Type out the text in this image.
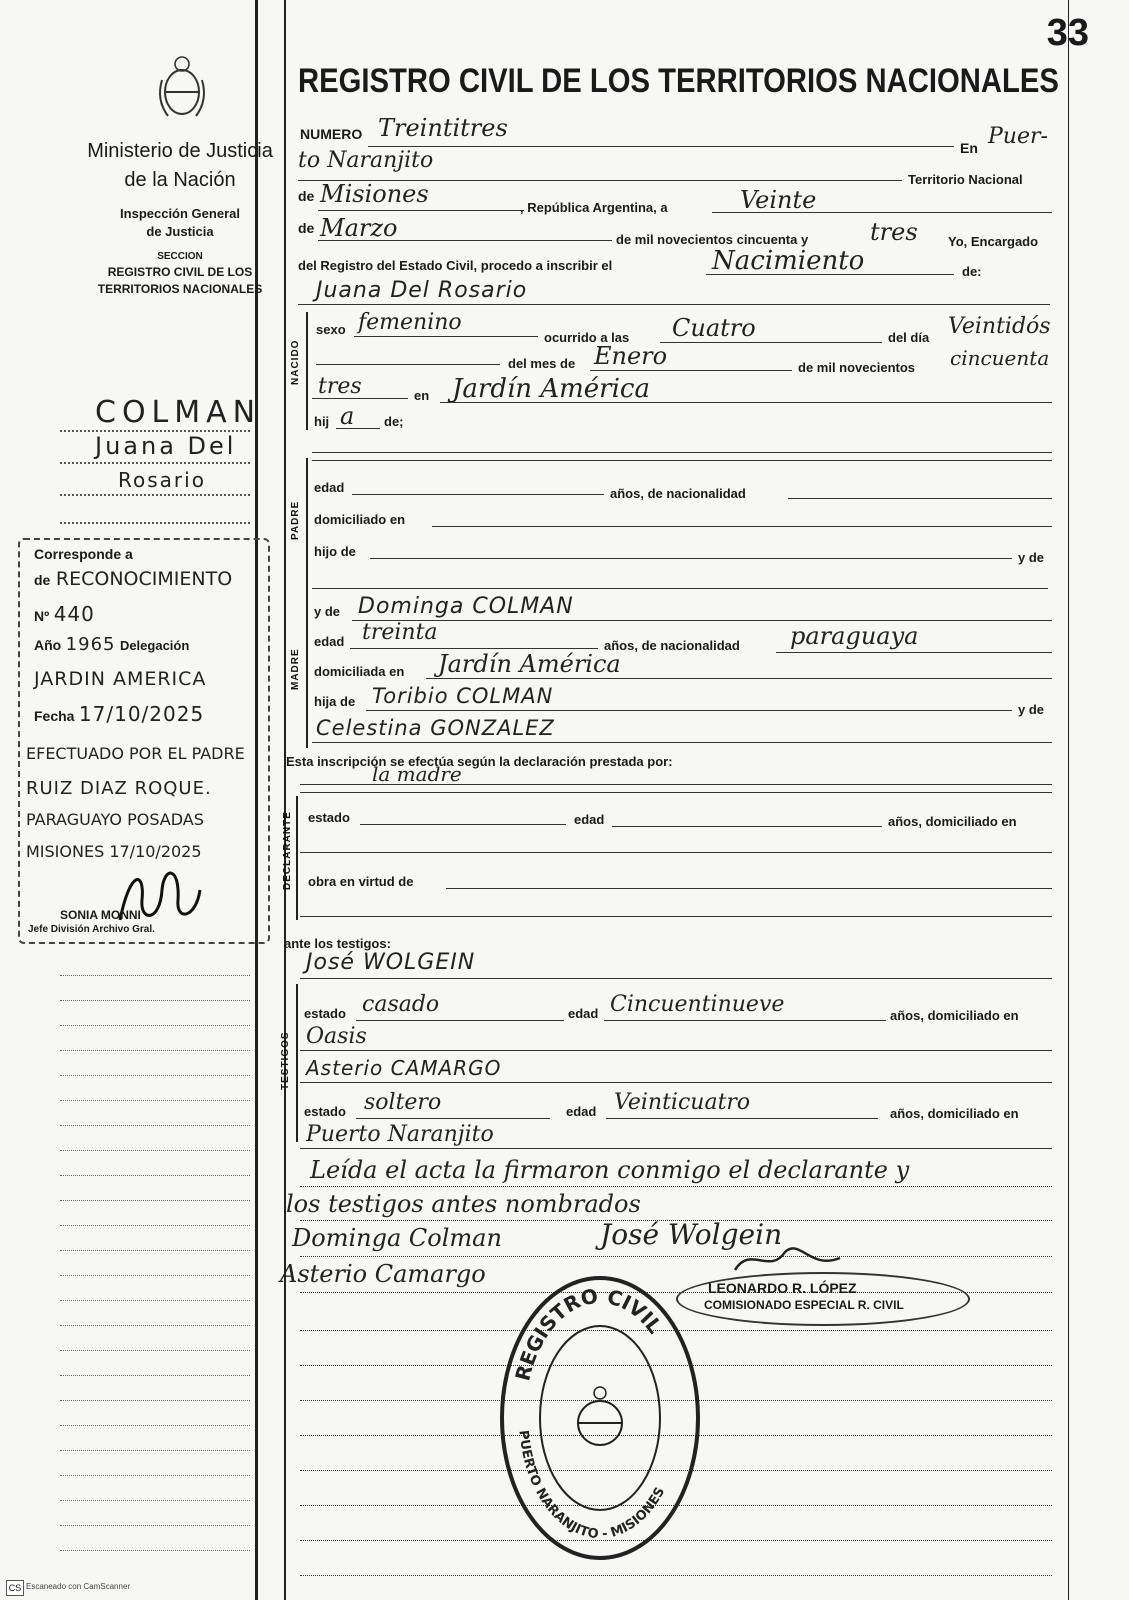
33
Ministerio de Justicia
de la Nación
Inspección General
de Justicia
SECCION
REGISTRO CIVIL DE LOS
TERRITORIOS NACIONALES
COLMAN
Juana Del
Rosario
Corresponde a
de RECONOCIMIENTO
Nº 440
Año 1965 Delegación
JARDIN AMERICA
Fecha 17/10/2025
EFECTUADO POR EL PADRE
RUIZ DIAZ ROQUE.
PARAGUAYO POSADAS
MISIONES 17/10/2025
SONIA MONNI
Jefe División Archivo Gral.
REGISTRO CIVIL DE LOS TERRITORIOS NACIONALES
NUMERO Treintitres
En Puer-
to Naranjito
Territorio Nacional
de Misiones	, República Argentina, a	Veinte
de Marzo	de mil novecientos cincuenta y	tres Yo, Encargado
del Registro del Estado Civil, procedo a inscribir el	Nacimiento	de:
Juana Del Rosario
NACIDO
sexo femenino
ocurrido a las Cuatro	del día Veintidós
del mes de Enero	de mil novecientos cincuenta
tres	en Jardín América
hij a de;
PADRE
edad	años, de nacionalidad
domiciliado en
hijo de	y de
MADRE
y de Dominga COLMAN
edad treinta
años, de nacionalidad paraguaya
domiciliada en Jardín América
hija de Toribio COLMAN
y de
Celestina GONZALEZ
Esta inscripción se efectúa según la declaración prestada por:
la madre
DECLARANTE estado	edad	años, domiciliado en
obra en virtud de
ante los testigos:
José WOLGEIN
TESTIGOS
estado casado	edad Cincuentinueve	años, domiciliado en
Oasis
Asterio CAMARGO
estado soltero	edad Veinticuatro	años, domiciliado en
Puerto Naranjito
Leída el acta la firmaron conmigo el declarante y
los testigos antes nombrados
Dominga Colman	José Wolgein
Asterio Camargo	LEONARDO R. LÓPEZ
COMISIONADO ESPECIAL R. CIVIL
REGISTRO CIVIL
PUERTO NARANJITO - MISIONES
CS Escaneado con CamScanner
